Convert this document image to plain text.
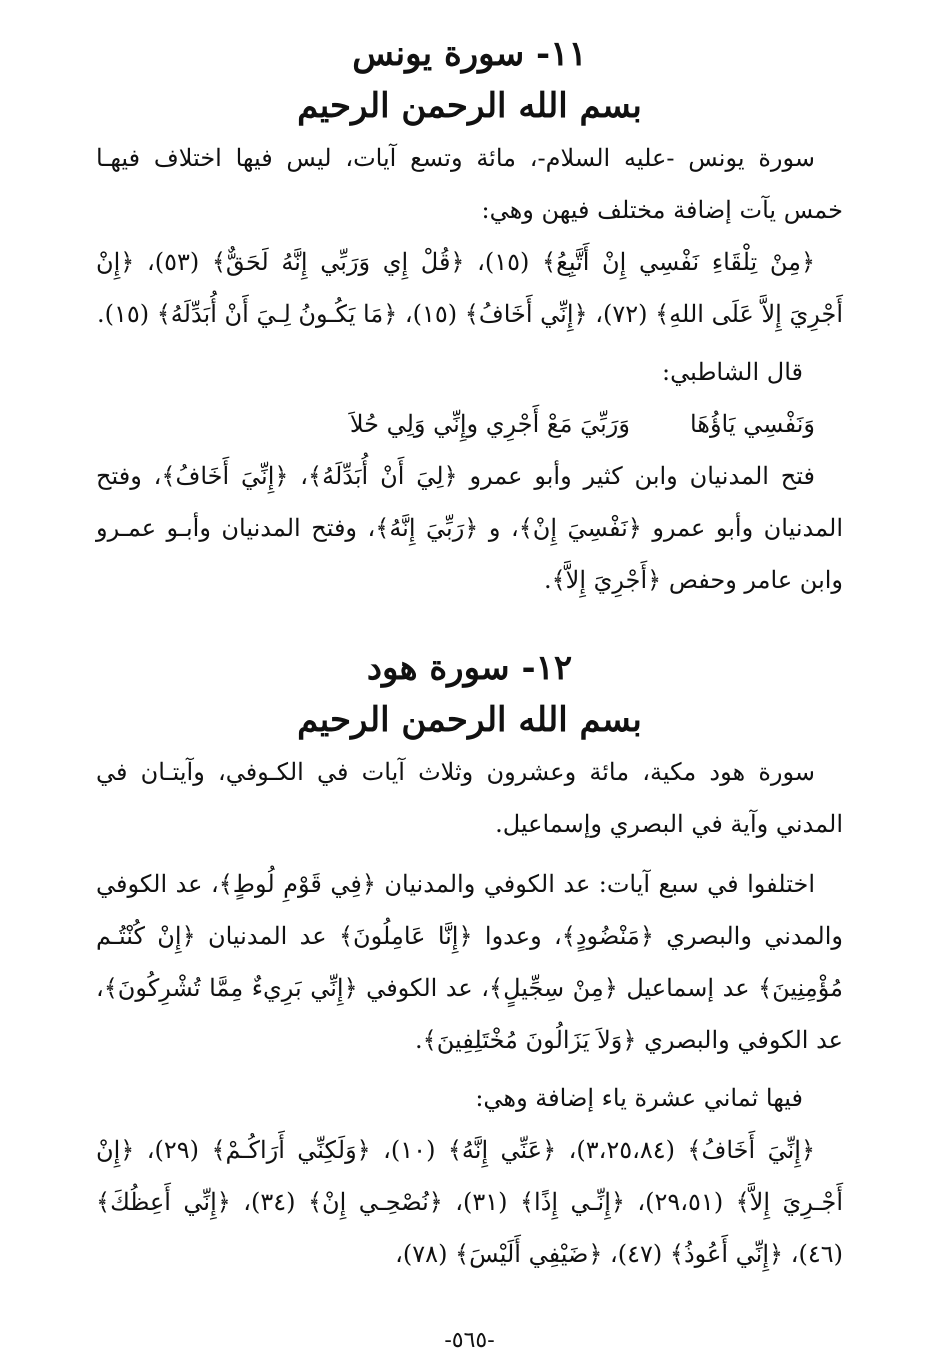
١١- سورة يونس
بسم الله الرحمن الرحيم

سورة يونس -عليه السلام-، مائة وتسع آيات، ليس فيها اختلاف فيهـا خمس يآت إضافة مختلف فيهن وهي:

﴿مِنْ تِلْقَاءِ نَفْسِي إِنْ أَتَّبِعُ﴾ (١٥)، ﴿قُلْ إِي وَرَبِّي إِنَّهُ لَحَقٌّ﴾ (٥٣)، ﴿إِنْ أَجْرِيَ إِلاَّ عَلَى اللهِ﴾ (٧٢)، ﴿إِنِّي أَخَافُ﴾ (١٥)، ﴿مَا يَكُـونُ لِـيَ أَنْ أُبَدِّلَهُ﴾ (١٥).

قال الشاطبي:

وَنَفْسِي يَاؤُهَا
وَرَبِّيَ مَعْ أَجْرِي وإِنِّي وَلِي حُلاَ

فتح المدنيان وابن كثير وأبو عمرو ﴿لِيَ أَنْ أُبَدِّلَهُ﴾، ﴿إِنِّيَ أَخَافُ﴾، وفتح المدنيان وأبو عمرو ﴿نَفْسِيَ إِنْ﴾، و ﴿رَبِّيَ إِنَّهُ﴾، وفتح المدنيان وأبـو عمـرو وابن عامر وحفص ﴿أَجْرِيَ إِلاَّ﴾.

١٢- سورة هود
بسم الله الرحمن الرحيم

سورة هود مكية، مائة وعشرون وثلاث آيات في الكـوفي، وآيتـان في المدني وآية في البصري وإسماعيل.

اختلفوا في سبع آيات: عد الكوفي والمدنيان ﴿فِي قَوْمِ لُوطٍ﴾، عد الكوفي والمدني والبصري ﴿مَنْضُودٍ﴾، وعدوا ﴿إِنَّا عَامِلُونَ﴾ عد المدنيان ﴿إِنْ كُنْتُـم مُؤْمِنِينَ﴾ عد إسماعيل ﴿مِنْ سِجِّيلٍ﴾، عد الكوفي ﴿إِنِّي بَرِيءٌ مِمَّا تُشْرِكُونَ﴾، عد الكوفي والبصري ﴿وَلاَ يَزَالُونَ مُخْتَلِفِينَ﴾.

فيها ثماني عشرة ياء إضافة وهي:

﴿إِنِّيَ أَخَافُ﴾ (٣،٢٥،٨٤)، ﴿عَنِّي إِنَّهُ﴾ (١٠)، ﴿وَلَكِنِّي أَرَاكُـمْ﴾ (٢٩)، ﴿إِنْ أَجْـرِيَ إِلاَّ﴾ (٢٩،٥١)، ﴿إِنِّـي إِذًا﴾ (٣١)، ﴿نُصْحِـي إِنْ﴾ (٣٤)، ﴿إِنِّي أَعِظُكَ﴾ (٤٦)، ﴿إِنِّي أَعُوذُ﴾ (٤٧)، ﴿ضَيْفِي أَلَيْسَ﴾ (٧٨)،

-٥٦٥-
